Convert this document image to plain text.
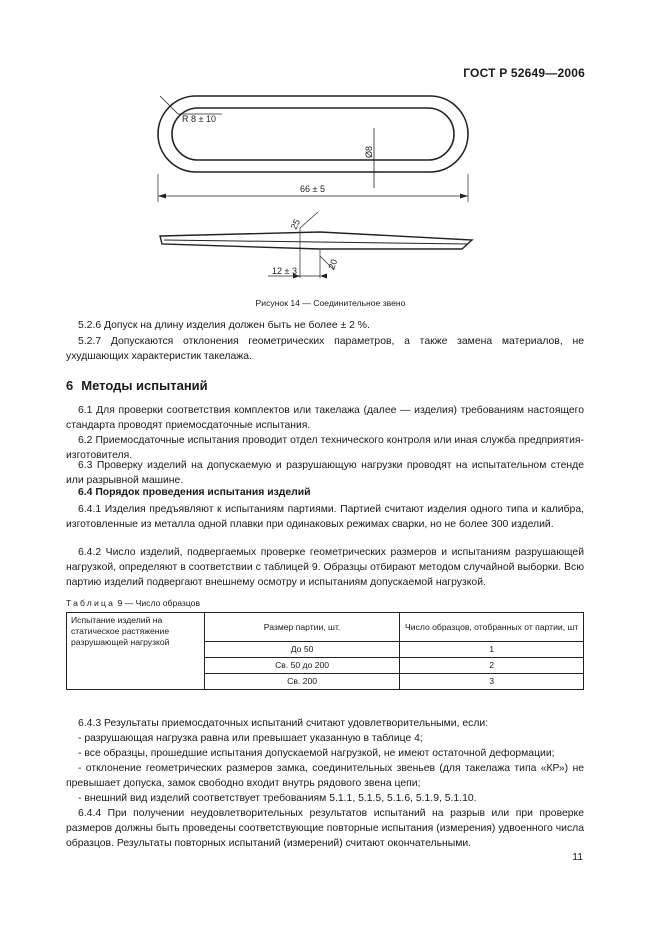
ГОСТ Р 52649—2006
R 8 ± 10
Ø8
66 ± 5
25
20
12 ± 3
Рисунок 14 — Соединительное звено

5.2.6 Допуск на длину изделия должен быть не более ± 2 %.

5.2.7 Допускаются отклонения геометрических параметров, а также замена материалов, не ухудшающих характеристик такелажа.

6 Методы испытаний

6.1 Для проверки соответствия комплектов или такелажа (далее — изделия) требованиям настоящего стандарта проводят приемосдаточные испытания.

6.2 Приемосдаточные испытания проводит отдел технического контроля или иная служба предприятия-изготовителя.

6.3 Проверку изделий на допускаемую и разрушающую нагрузки проводят на испытательном стенде или разрывной машине.

6.4 Порядок проведения испытания изделий

6.4.1 Изделия предъявляют к испытаниям партиями. Партией считают изделия одного типа и калибра, изготовленные из металла одной плавки при одинаковых режимах сварки, но не более 300 изделий.

6.4.2 Число изделий, подвергаемых проверке геометрических размеров и испытаниям разрушающей нагрузкой, определяют в соответствии с таблицей 9. Образцы отбирают методом случайной выборки. Всю партию изделий подвергают внешнему осмотру и испытаниям допускаемой нагрузкой.

Таблица 9 — Число образцов
Испытание изделий на статическое растяжение разрушающей нагрузкой	Размер партии, шт.	Число образцов, отобранных от партии, шт
	До 50	1
	Св. 50 до 200	2
	Св. 200	3

6.4.3 Результаты приемосдаточных испытаний считают удовлетворительными, если:

- разрушающая нагрузка равна или превышает указанную в таблице 4;

- все образцы, прошедшие испытания допускаемой нагрузкой, не имеют остаточной деформации;

- отклонение геометрических размеров замка, соединительных звеньев (для такелажа типа «КР») не превышает допуска, замок свободно входит внутрь рядового звена цепи;

- внешний вид изделий соответствует требованиям 5.1.1, 5.1.5, 5.1.6, 5.1.9, 5.1.10.

6.4.4 При получении неудовлетворительных результатов испытаний на разрыв или при проверке размеров должны быть проведены соответствующие повторные испытания (измерения) удвоенного числа образцов. Результаты повторных испытаний (измерений) считают окончательными.

11
